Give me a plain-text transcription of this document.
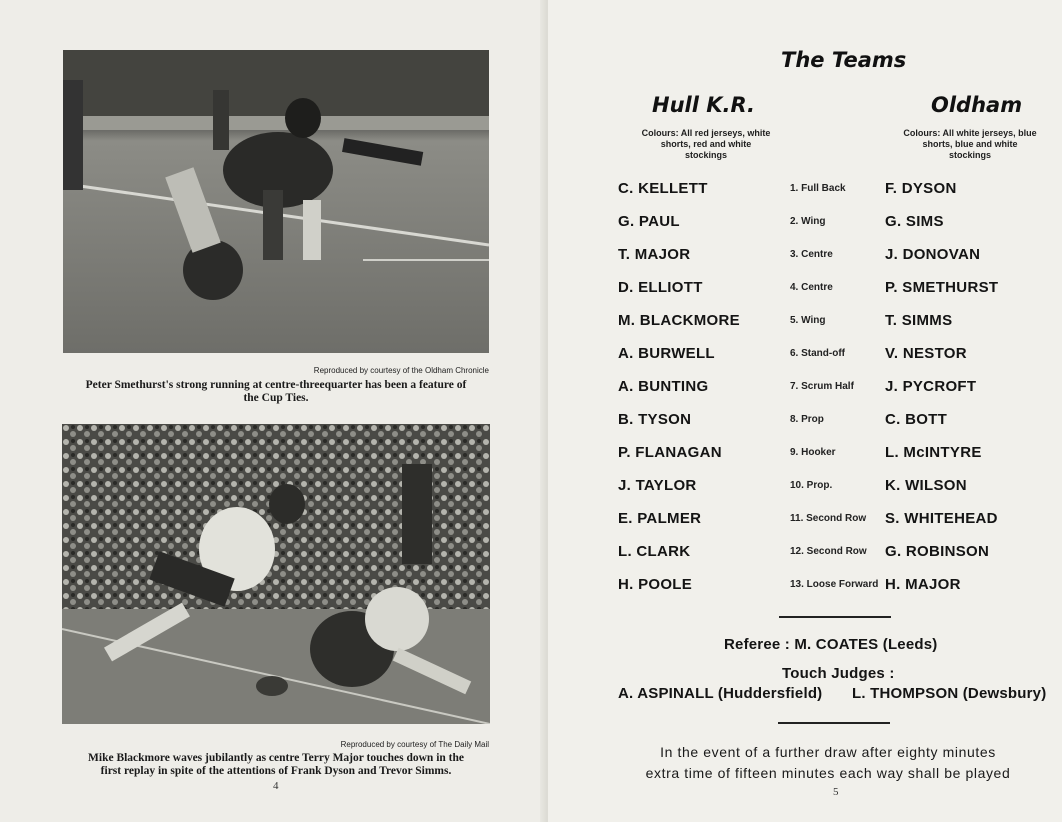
Reproduced by courtesy of the Oldham Chronicle
Peter Smethurst's strong running at centre-threequarter has been a feature of
the Cup Ties.
Reproduced by courtesy of The Daily Mail
Mike Blackmore waves jubilantly as centre Terry Major touches down in the
first replay in spite of the attentions of Frank Dyson and Trevor Simms.
4
The Teams
Hull K.R.	Oldham
Colours: All red jerseys, white
shorts, red and white
stockings
Colours: All white jerseys, blue
shorts, blue and white
stockings
C. KELLETT	1. Full Back	F. DYSON
G. PAUL	2. Wing	G. SIMS
T. MAJOR	3. Centre	J. DONOVAN
D. ELLIOTT	4. Centre	P. SMETHURST
M. BLACKMORE	5. Wing	T. SIMMS
A. BURWELL	6. Stand-off	V. NESTOR
A. BUNTING	7. Scrum Half J. PYCROFT
B. TYSON	8. Prop	C. BOTT
P. FLANAGAN	9. Hooker	L. McINTYRE
J. TAYLOR	10. Prop.	K. WILSON
E. PALMER	11. Second Row S. WHITEHEAD
L. CLARK	12. Second Row G. ROBINSON
H. POOLE	13. Loose Forward H. MAJOR
Referee : M. COATES (Leeds)
Touch Judges :
A. ASPINALL (Huddersfield) L. THOMPSON (Dewsbury)
In the event of a further draw after eighty minutes
extra time of fifteen minutes each way shall be played
5
